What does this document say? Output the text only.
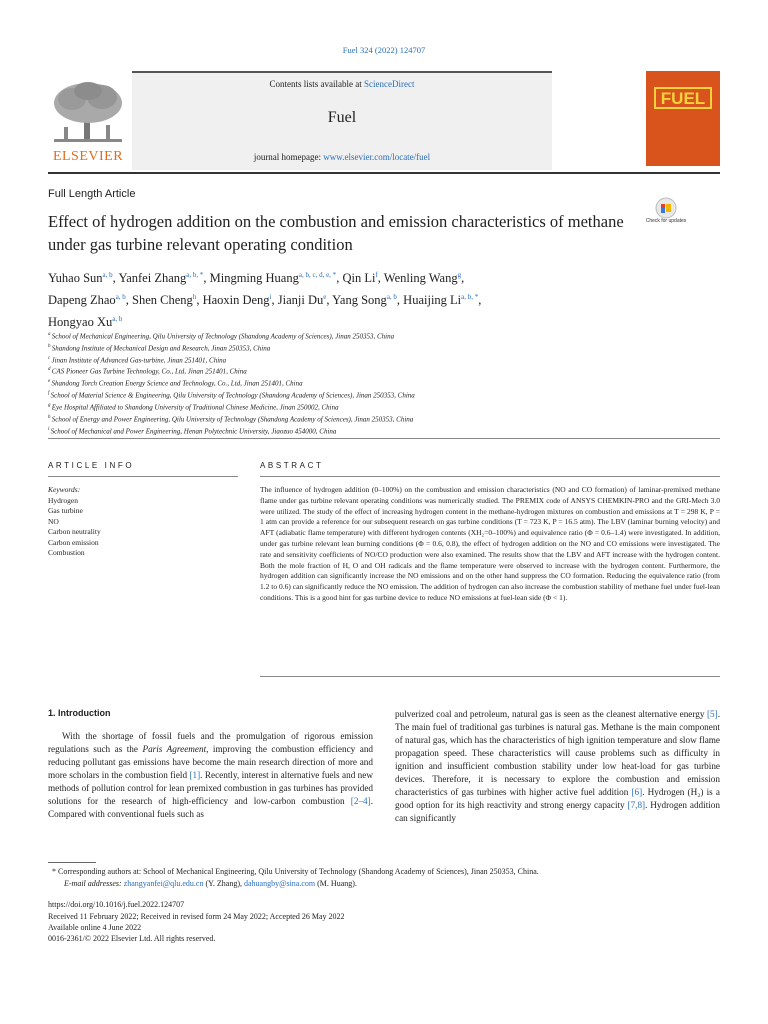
Fuel 324 (2022) 124707
ELSEVIER
Contents lists available at ScienceDirect
Fuel
journal homepage: www.elsevier.com/locate/fuel
FUEL
Full Length Article
Effect of hydrogen addition on the combustion and emission characteristics of methane under gas turbine relevant operating condition
Check for updates
Yuhao Sun$^{a, b}$, Yanfei Zhang$^{a, b, *}$, Mingming Huang$^{a, b, c, d, e, *}$, Qin Li$^f$, Wenling Wang$^g$,
Dapeng Zhao$^{a, b}$, Shen Cheng$^h$, Haoxin Deng$^i$, Jianji Du$^e$, Yang Song$^{a, b}$, Huaijing $Li^{a, b, *}$,
Hongyao Xu$^{a, b}$
$^a$ School of Mechanical Engineering, Qilu University of Technology (Shandong Academy of Sciences), Jinan 250353, China
$^b$ Shandong Institute of Mechanical Design and Research, Jinan 250353, China
$^c$ Jinan Institute of Advanced Gas-turbine, Jinan 251401, China
$^d$ CAS Pioneer Gas Turbine Technology, Co., Ltd, Jinan 251401, China
$^e$ Shandong Torch Creation Energy Science and Technology, Co., Ltd, Jinan 251401, China
$^f$ School of Material Science & Engineering, Qilu University of Technology (Shandong Academy of Sciences), Jinan 250353, China
$^g$ Eye Hospital Affiliated to Shandong University of Traditional Chinese Medicine, Jinan 250002, China
$^h$ School of Energy and Power Engineering, Qilu University of Technology (Shandong Academy of Sciences), Jinan 250353, China
$^i$ School of Mechanical and Power Engineering, Henan Polytechnic University, Jiaozuo 454000, China
ARTICLE INFO	ABSTRACT
Keywords:
Hydrogen
Gas turbine
NO
Carbon neutrality
Carbon emission
Combustion
The influence of hydrogen addition (0–100%) on the combustion and emission characteristics (NO and CO formation) of laminar-premixed methane flame under gas turbine relevant operating conditions was numerically studied. The PREMIX code of ANSYS CHEMKIN-PRO and the GRI-Mech 3.0 were utilized. The study of the effect of increasing hydrogen content in the methane-hydrogen mixtures on combustion and emissions at T = 298 K, P = 1 atm can provide a reference for our subsequent research on gas turbine conditions (T = 723 K, P = 16.5 atm). The LBV (laminar burning velocity) and AFT (adiabatic flame temperature) with different hydrogen contents (XH₂=0–100%) and equivalence ratio (Φ = 0.6–1.4) were investigated. In addition, under gas turbine relevant lean burning conditions (Φ = 0.6, 0.8), the effect of hydrogen addition on the NO and CO emissions were investigated. The rate and sensitivity coefficients of NO/CO production were also examined. The results show that the LBV and AFT increase with the hydrogen content. Both the mole fraction of H, O and OH radicals and the flame temperature were observed to increase with the hydrogen content. Furthermore, the hydrogen addition can significantly increase the NO emissions and on the other hand suppress the CO formation. Reducing the equivalence ratio (from 1.2 to 0.6) can significantly reduce the NO emission. The addition of hydrogen can also increase the combustion stability of methane fuel under fuel-lean conditions. This is a good hint for gas turbine device to reduce NO emissions at fuel-lean side (Φ < 1).
1. Introduction
With the shortage of fossil fuels and the promulgation of rigorous emission regulations such as the Paris Agreement, improving the combustion efficiency and reducing pollutant gas emissions have become the main research direction of more and more scholars in the combustion field [1]. Recently, interest in alternative fuels and new methods of pollution control for lean premixed combustion in gas turbines has provided solutions for the research of high-efficiency and low-carbon combustion [2–4]. Compared with conventional fuels such as
pulverized coal and petroleum, natural gas is seen as the cleanest alternative energy [5]. The main fuel of traditional gas turbines is natural gas. Methane is the main component of natural gas, which has the characteristics of high ignition temperature and slow flame propagation speed. These characteristics will cause problems such as difficulty in ignition and insufficient combustion stability under low heat-load for gas turbine devices. Therefore, it is necessary to explore the combustion and emission characteristics of gas turbines with higher active fuel addition [6]. Hydrogen (H₂) is a good option for its high reactivity and strong energy capacity [7,8]. Hydrogen addition can significantly
* Corresponding authors at: School of Mechanical Engineering, Qilu University of Technology (Shandong Academy of Sciences), Jinan 250353, China.
E-mail addresses: zhangyanfei@qlu.edu.cn (Y. Zhang), dahuangby@sina.com (M. Huang).
https://doi.org/10.1016/j.fuel.2022.124707
Received 11 February 2022; Received in revised form 24 May 2022; Accepted 26 May 2022
Available online 4 June 2022
0016-2361/© 2022 Elsevier Ltd. All rights reserved.
